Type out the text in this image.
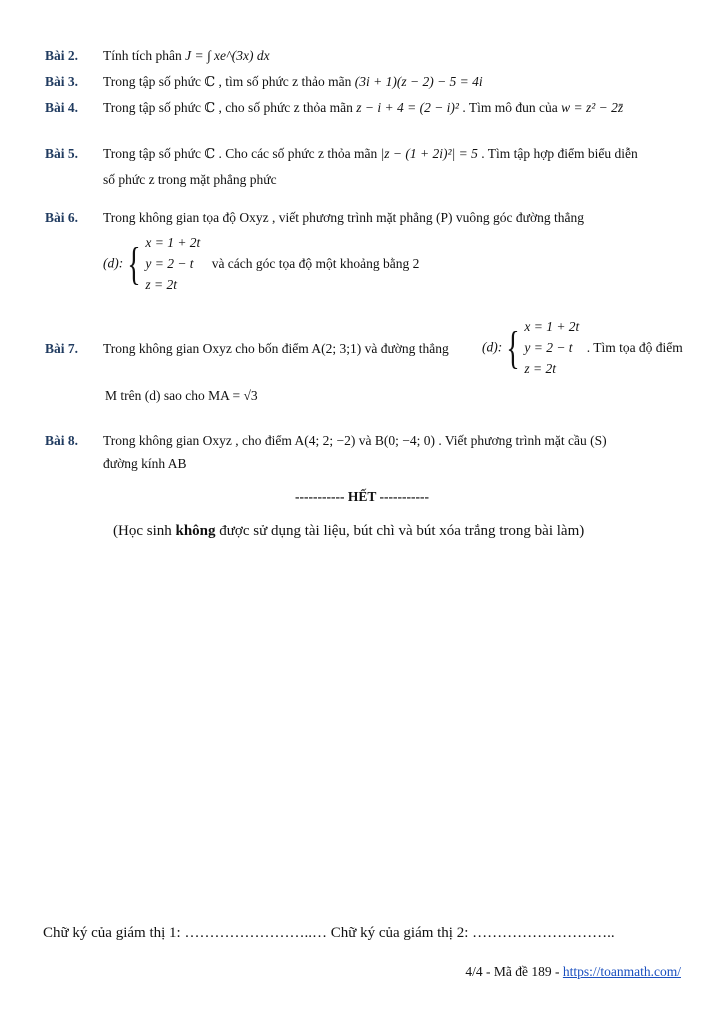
Bài 2. Tính tích phân J = ∫ xe^(3x) dx
Bài 3. Trong tập số phức ℂ , tìm số phức z thảo mãn (3i + 1)(z − 2) − 5 = 4i
Bài 4. Trong tập số phức ℂ , cho số phức z thỏa mãn z − i + 4 = (2 − i)² . Tìm mô đun của w = z² − 2z̄
Bài 5. Trong tập số phức ℂ . Cho các số phức z thỏa mãn |z − (1 + 2i)²| = 5 . Tìm tập hợp điểm biểu diễn
số phức z trong mặt phẳng phức
Bài 6. Trong không gian tọa độ Oxyz , viết phương trình mặt phẳng (P) vuông góc đường thẳng
(d):{ x = 1 + 2t
y = 2 − t
z = 2t
và cách góc tọa độ một khoảng bằng 2
Bài 7. Trong không gian Oxyz cho bốn điểm A(2; 3;1) và đường thẳng (d):{ x = 1 + 2t
y = 2 − t
z = 2t
. Tìm tọa độ điểm
M trên (d) sao cho MA = √3
Bài 8. Trong không gian Oxyz , cho điểm A(4; 2; −2) và B(0; −4; 0) . Viết phương trình mặt cầu (S)
đường kính AB
----------- HẾT -----------
(Học sinh không được sử dụng tài liệu, bút chì và bút xóa trắng trong bài làm)
Chữ ký của giám thị 1: ……………………..… Chữ ký của giám thị 2: ………………………..
4/4 - Mã đề 189 - https://toanmath.com/
